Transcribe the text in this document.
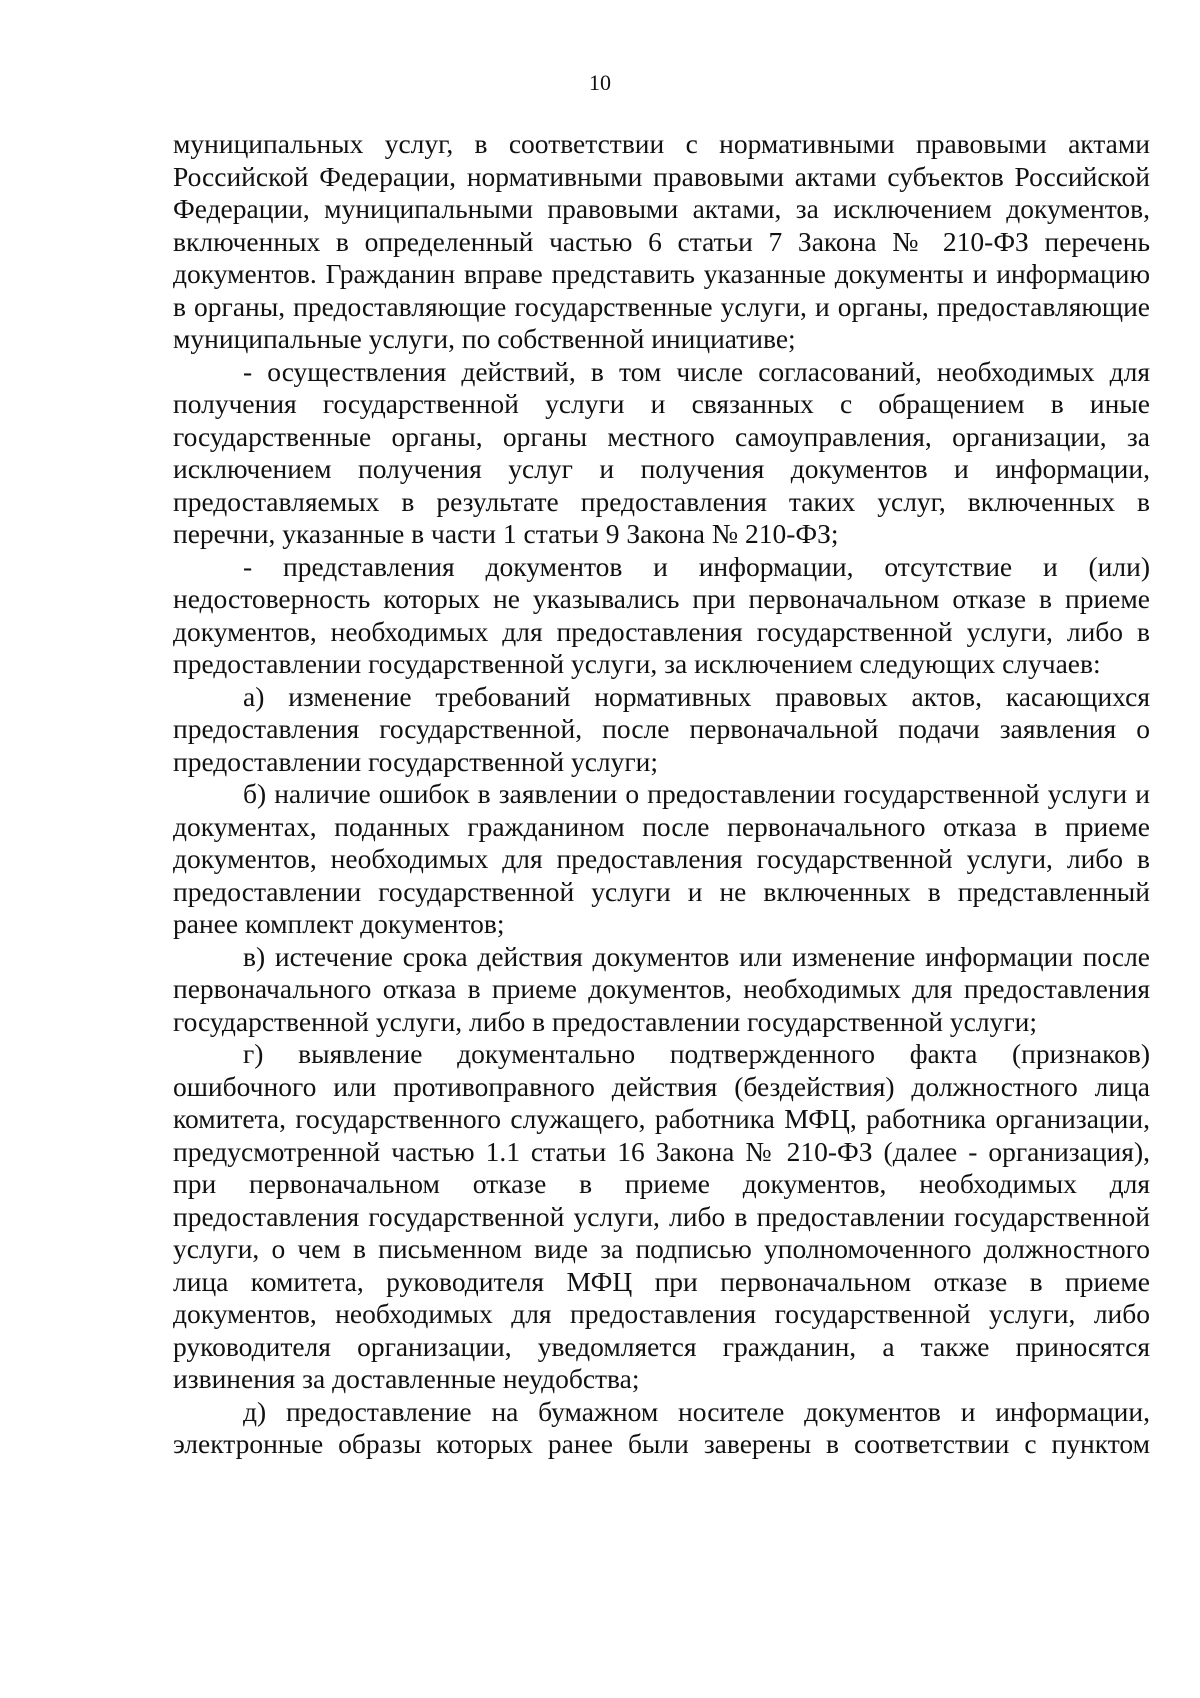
10

муниципальных услуг, в соответствии с нормативными правовыми актами Российской Федерации, нормативными правовыми актами субъектов Российской Федерации, муниципальными правовыми актами, за исключением документов, включенных в определенный частью 6 статьи 7 Закона № 210-ФЗ перечень документов. Гражданин вправе представить указанные документы и информацию в органы, предоставляющие государственные услуги, и органы, предоставляющие муниципальные услуги, по собственной инициативе;

- осуществления действий, в том числе согласований, необходимых для получения государственной услуги и связанных с обращением в иные государственные органы, органы местного самоуправления, организации, за исключением получения услуг и получения документов и информации, предоставляемых в результате предоставления таких услуг, включенных в перечни, указанные в части 1 статьи 9 Закона № 210-ФЗ;

- представления документов и информации, отсутствие и (или) недостоверность которых не указывались при первоначальном отказе в приеме документов, необходимых для предоставления государственной услуги, либо в предоставлении государственной услуги, за исключением следующих случаев:

а) изменение требований нормативных правовых актов, касающихся предоставления государственной, после первоначальной подачи заявления о предоставлении государственной услуги;

б) наличие ошибок в заявлении о предоставлении государственной услуги и документах, поданных гражданином после первоначального отказа в приеме документов, необходимых для предоставления государственной услуги, либо в предоставлении государственной услуги и не включенных в представленный ранее комплект документов;

в) истечение срока действия документов или изменение информации после первоначального отказа в приеме документов, необходимых для предоставления государственной услуги, либо в предоставлении государственной услуги;

г) выявление документально подтвержденного факта (признаков) ошибочного или противоправного действия (бездействия) должностного лица комитета, государственного служащего, работника МФЦ, работника организации, предусмотренной частью 1.1 статьи 16 Закона № 210-ФЗ (далее - организация), при первоначальном отказе в приеме документов, необходимых для предоставления государственной услуги, либо в предоставлении государственной услуги, о чем в письменном виде за подписью уполномоченного должностного лица комитета, руководителя МФЦ при первоначальном отказе в приеме документов, необходимых для предоставления государственной услуги, либо руководителя организации, уведомляется гражданин, а также приносятся извинения за доставленные неудобства;

д) предоставление на бумажном носителе документов и информации, электронные образы которых ранее были заверены в соответствии с пунктом
